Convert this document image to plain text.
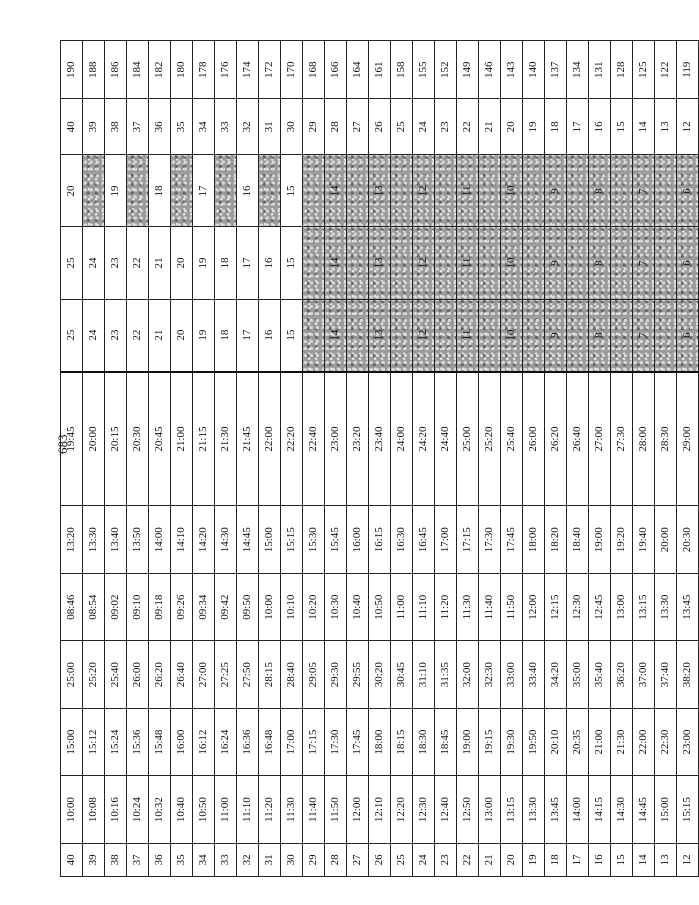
683
40	10:00	15:00	25:00	08:46	13:20	19:45	25	25	20	40	190
39	10:08	15:12	25:20	08:54	13:30	20:00	24	24		39	188
38	10:16	15:24	25:40	09:02	13:40	20:15	23	23	19	38	186
37	10:24	15:36	26:00	09:10	13:50	20:30	22	22		37	184
36	10:32	15:48	26:20	09:18	14:00	20:45	21	21	18	36	182
35	10:40	16:00	26:40	09:26	14:10	21:00	20	20		35	180
34	10:50	16:12	27:00	09:34	14:20	21:15	19	19	17	34	178
33	11:00	16:24	27:25	09:42	14:30	21:30	18	18		33	176
32	11:10	16:36	27:50	09:50	14:45	21:45	17	17	16	32	174
31	11:20	16:48	28:15	10:00	15:00	22:00	16	16		31	172
30	11:30	17:00	28:40	10:10	15:15	22:20	15	15	15	30	170
29	11:40	17:15	29:05	10:20	15:30	22:40				29	168
28	11:50	17:30	29:30	10:30	15:45	23:00	14	14	14	28	166
27	12:00	17:45	29:55	10:40	16:00	23:20				27	164
26	12:10	18:00	30:20	10:50	16:15	23:40	13	13	13	26	161
25	12:20	18:15	30:45	11:00	16:30	24:00				25	158
24	12:30	18:30	31:10	11:10	16:45	24:20	12	12	12	24	155
23	12:40	18:45	31:35	11:20	17:00	24:40				23	152
22	12:50	19:00	32:00	11:30	17:15	25:00	11	11	11	22	149
21	13:00	19:15	32:30	11:40	17:30	25:20				21	146
20	13:15	19:30	33:00	11:50	17:45	25:40	10	10	10	20	143
19	13:30	19:50	33:40	12:00	18:00	26:00				19	140
18	13:45	20:10	34:20	12:15	18:20	26:20	9	9	9	18	137
17	14:00	20:35	35:00	12:30	18:40	26:40				17	134
16	14:15	21:00	35:40	12:45	19:00	27:00	8	8	8	16	131
15	14:30	21:30	36:20	13:00	19:20	27:30				15	128
14	14:45	22:00	37:00	13:15	19:40	28:00	7	7	7	14	125
13	15:00	22:30	37:40	13:30	20:00	28:30				13	122
12	15:15	23:00	38:20	13:45	20:30	29:00	6	6	6	12	119
